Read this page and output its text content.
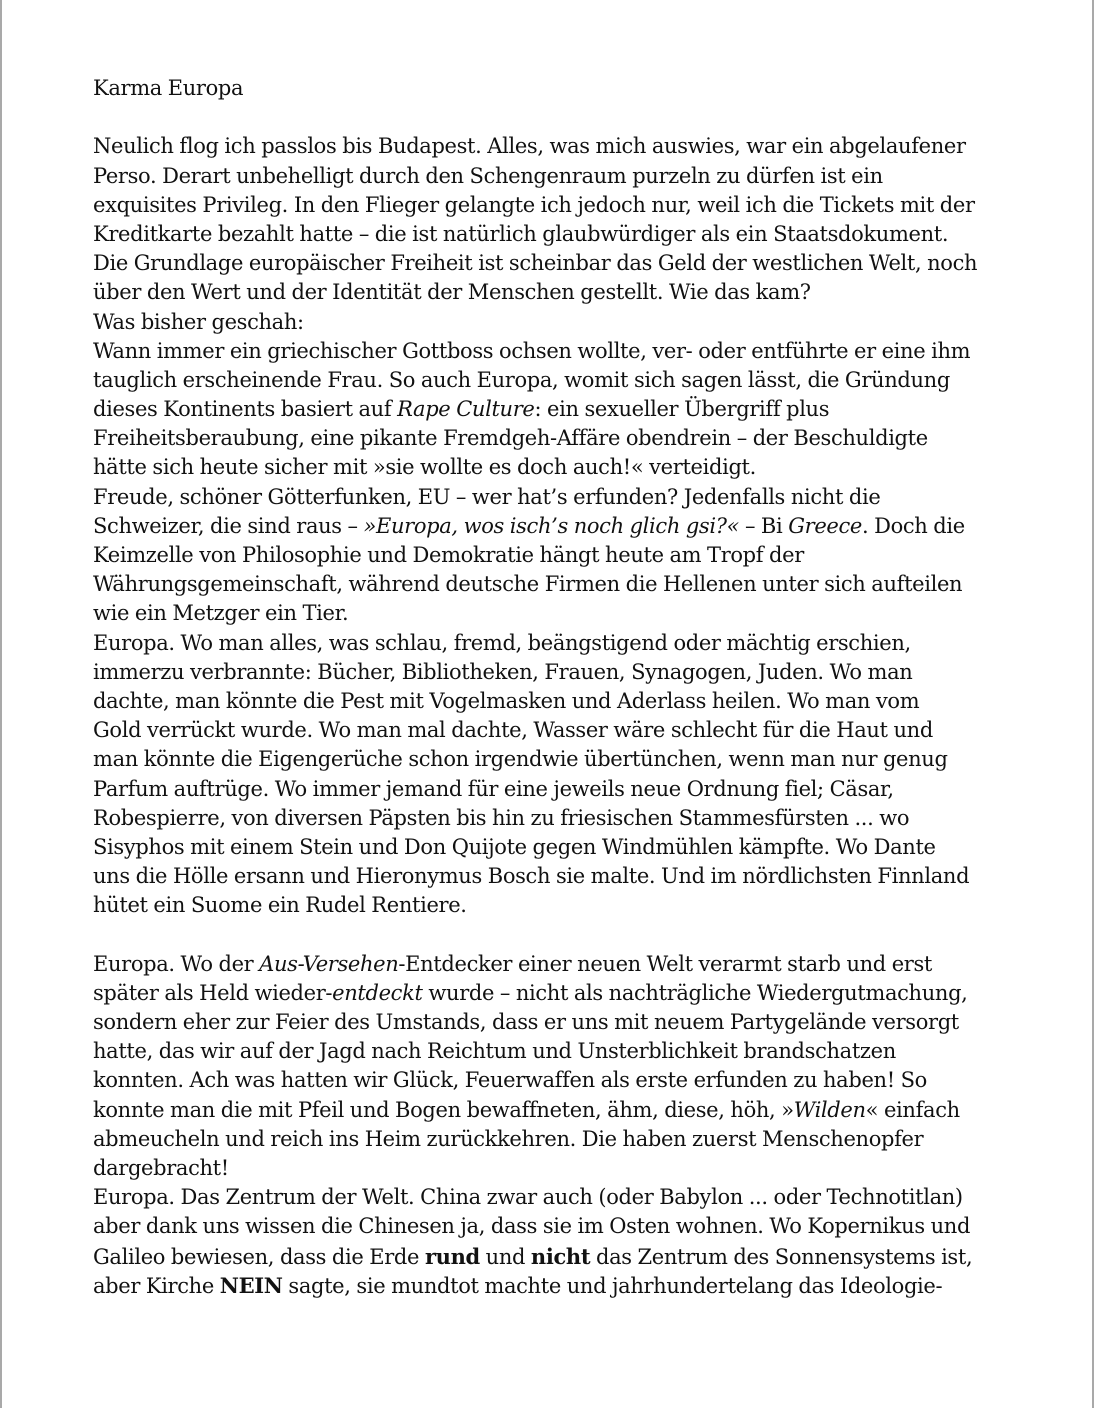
Karma Europa
Neulich flog ich passlos bis Budapest. Alles, was mich auswies, war ein abgelaufener
Perso. Derart unbehelligt durch den Schengenraum purzeln zu dürfen ist ein
exquisites Privileg. In den Flieger gelangte ich jedoch nur, weil ich die Tickets mit der
Kreditkarte bezahlt hatte – die ist natürlich glaubwürdiger als ein Staatsdokument.
Die Grundlage europäischer Freiheit ist scheinbar das Geld der westlichen Welt, noch
über den Wert und der Identität der Menschen gestellt. Wie das kam?
Was bisher geschah:
Wann immer ein griechischer Gottboss ochsen wollte, ver- oder entführte er eine ihm
tauglich erscheinende Frau. So auch Europa, womit sich sagen lässt, die Gründung
dieses Kontinents basiert auf Rape Culture: ein sexueller Übergriff plus
Freiheitsberaubung, eine pikante Fremdgeh-Affäre obendrein – der Beschuldigte
hätte sich heute sicher mit »sie wollte es doch auch!« verteidigt.
Freude, schöner Götterfunken, EU – wer hat’s erfunden? Jedenfalls nicht die
Schweizer, die sind raus – »Europa, wos isch’s noch glich gsi?« – Bi Greece. Doch die
Keimzelle von Philosophie und Demokratie hängt heute am Tropf der
Währungsgemeinschaft, während deutsche Firmen die Hellenen unter sich aufteilen
wie ein Metzger ein Tier.
Europa. Wo man alles, was schlau, fremd, beängstigend oder mächtig erschien,
immerzu verbrannte: Bücher, Bibliotheken, Frauen, Synagogen, Juden. Wo man
dachte, man könnte die Pest mit Vogelmasken und Aderlass heilen. Wo man vom
Gold verrückt wurde. Wo man mal dachte, Wasser wäre schlecht für die Haut und
man könnte die Eigengerüche schon irgendwie übertünchen, wenn man nur genug
Parfum auftrüge. Wo immer jemand für eine jeweils neue Ordnung fiel; Cäsar,
Robespierre, von diversen Päpsten bis hin zu friesischen Stammesfürsten ... wo
Sisyphos mit einem Stein und Don Quijote gegen Windmühlen kämpfte. Wo Dante
uns die Hölle ersann und Hieronymus Bosch sie malte. Und im nördlichsten Finnland
hütet ein Suome ein Rudel Rentiere.
Europa. Wo der Aus-Versehen-Entdecker einer neuen Welt verarmt starb und erst
später als Held wieder-entdeckt wurde – nicht als nachträgliche Wiedergutmachung,
sondern eher zur Feier des Umstands, dass er uns mit neuem Partygelände versorgt
hatte, das wir auf der Jagd nach Reichtum und Unsterblichkeit brandschatzen
konnten. Ach was hatten wir Glück, Feuerwaffen als erste erfunden zu haben! So
konnte man die mit Pfeil und Bogen bewaffneten, ähm, diese, höh, »Wilden« einfach
abmeucheln und reich ins Heim zurückkehren. Die haben zuerst Menschenopfer
dargebracht!
Europa. Das Zentrum der Welt. China zwar auch (oder Babylon ... oder Technotitlan)
aber dank uns wissen die Chinesen ja, dass sie im Osten wohnen. Wo Kopernikus und
Galileo bewiesen, dass die Erde rund und nicht das Zentrum des Sonnensystems ist,
aber Kirche NEIN sagte, sie mundtot machte und jahrhundertelang das Ideologie-
